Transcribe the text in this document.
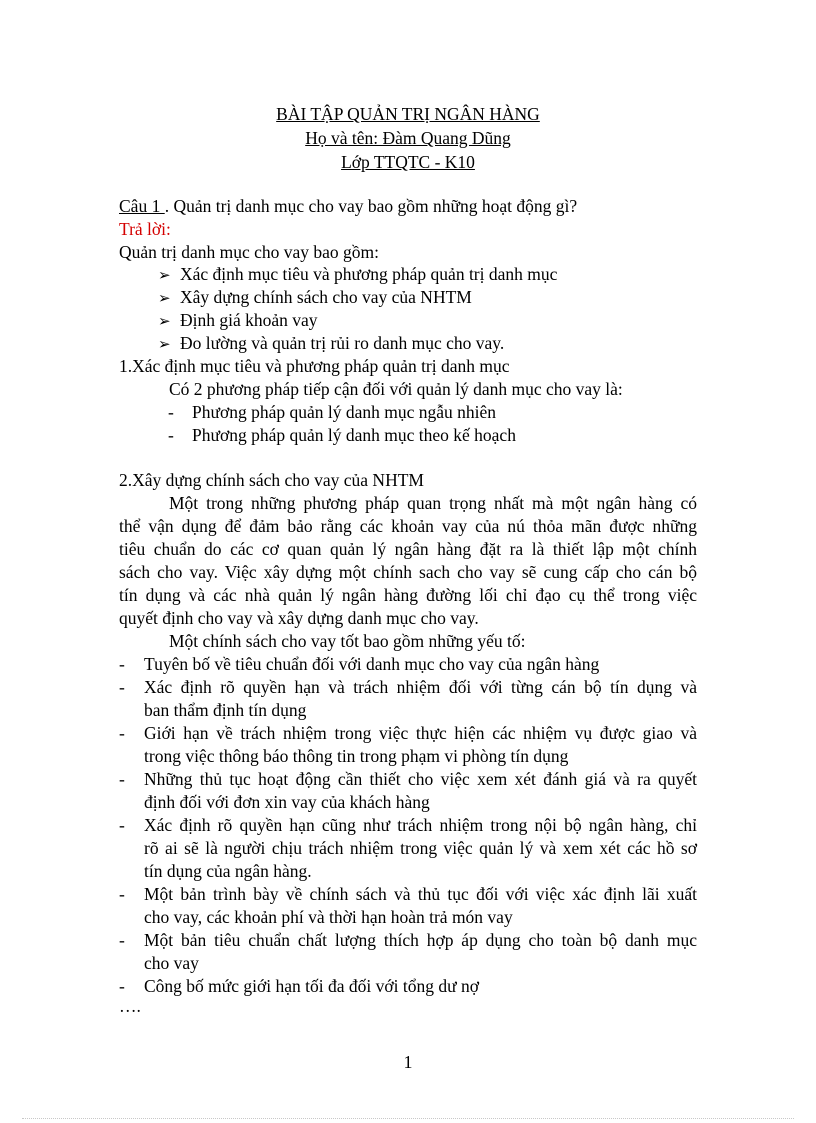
BÀI TẬP QUẢN TRỊ NGÂN HÀNG
Họ và tên: Đàm Quang Dũng
Lớp TTQTC - K10
Câu 1 . Quản trị danh mục cho vay bao gồm những hoạt động gì?
Trả lời:
Quản trị danh mục cho vay bao gồm:
➢ Xác định mục tiêu và phương pháp quản trị danh mục
➢ Xây dựng chính sách cho vay của NHTM
➢ Định giá khoản vay
➢ Đo lường và quản trị rủi ro danh mục cho vay.
1.Xác định mục tiêu và phương pháp quản trị danh mục
Có 2 phương pháp tiếp cận đối với quản lý danh mục cho vay là:
- Phương pháp quản lý danh mục ngẫu nhiên
- Phương pháp quản lý danh mục theo kế hoạch
2.Xây dựng chính sách cho vay của NHTM
Một trong những phương pháp quan trọng nhất mà một ngân hàng có
thể vận dụng để đảm bảo rằng các khoản vay của nú thỏa mãn được những
tiêu chuẩn do các cơ quan quản lý ngân hàng đặt ra là thiết lập một chính
sách cho vay. Việc xây dựng một chính sach cho vay sẽ cung cấp cho cán bộ
tín dụng và các nhà quản lý ngân hàng đường lối chỉ đạo cụ thể trong việc
quyết định cho vay và xây dựng danh mục cho vay.
Một chính sách cho vay tốt bao gồm những yếu tố:
- Tuyên bố về tiêu chuẩn đối với danh mục cho vay của ngân hàng
- Xác định rõ quyền hạn và trách nhiệm đối với từng cán bộ tín dụng và
ban thẩm định tín dụng
- Giới hạn về trách nhiệm trong việc thực hiện các nhiệm vụ được giao và
trong việc thông báo thông tin trong phạm vi phòng tín dụng
- Những thủ tục hoạt động cần thiết cho việc xem xét đánh giá và ra quyết
định đối với đơn xin vay của khách hàng
- Xác định rõ quyền hạn cũng như trách nhiệm trong nội bộ ngân hàng, chỉ
rõ ai sẽ là người chịu trách nhiệm trong việc quản lý và xem xét các hồ sơ
tín dụng của ngân hàng.
- Một bản trình bày về chính sách và thủ tục đối với việc xác định lãi xuất
cho vay, các khoản phí và thời hạn hoàn trả món vay
- Một bản tiêu chuẩn chất lượng thích hợp áp dụng cho toàn bộ danh mục
cho vay
- Công bố mức giới hạn tối đa đối với tổng dư nợ
….
1
